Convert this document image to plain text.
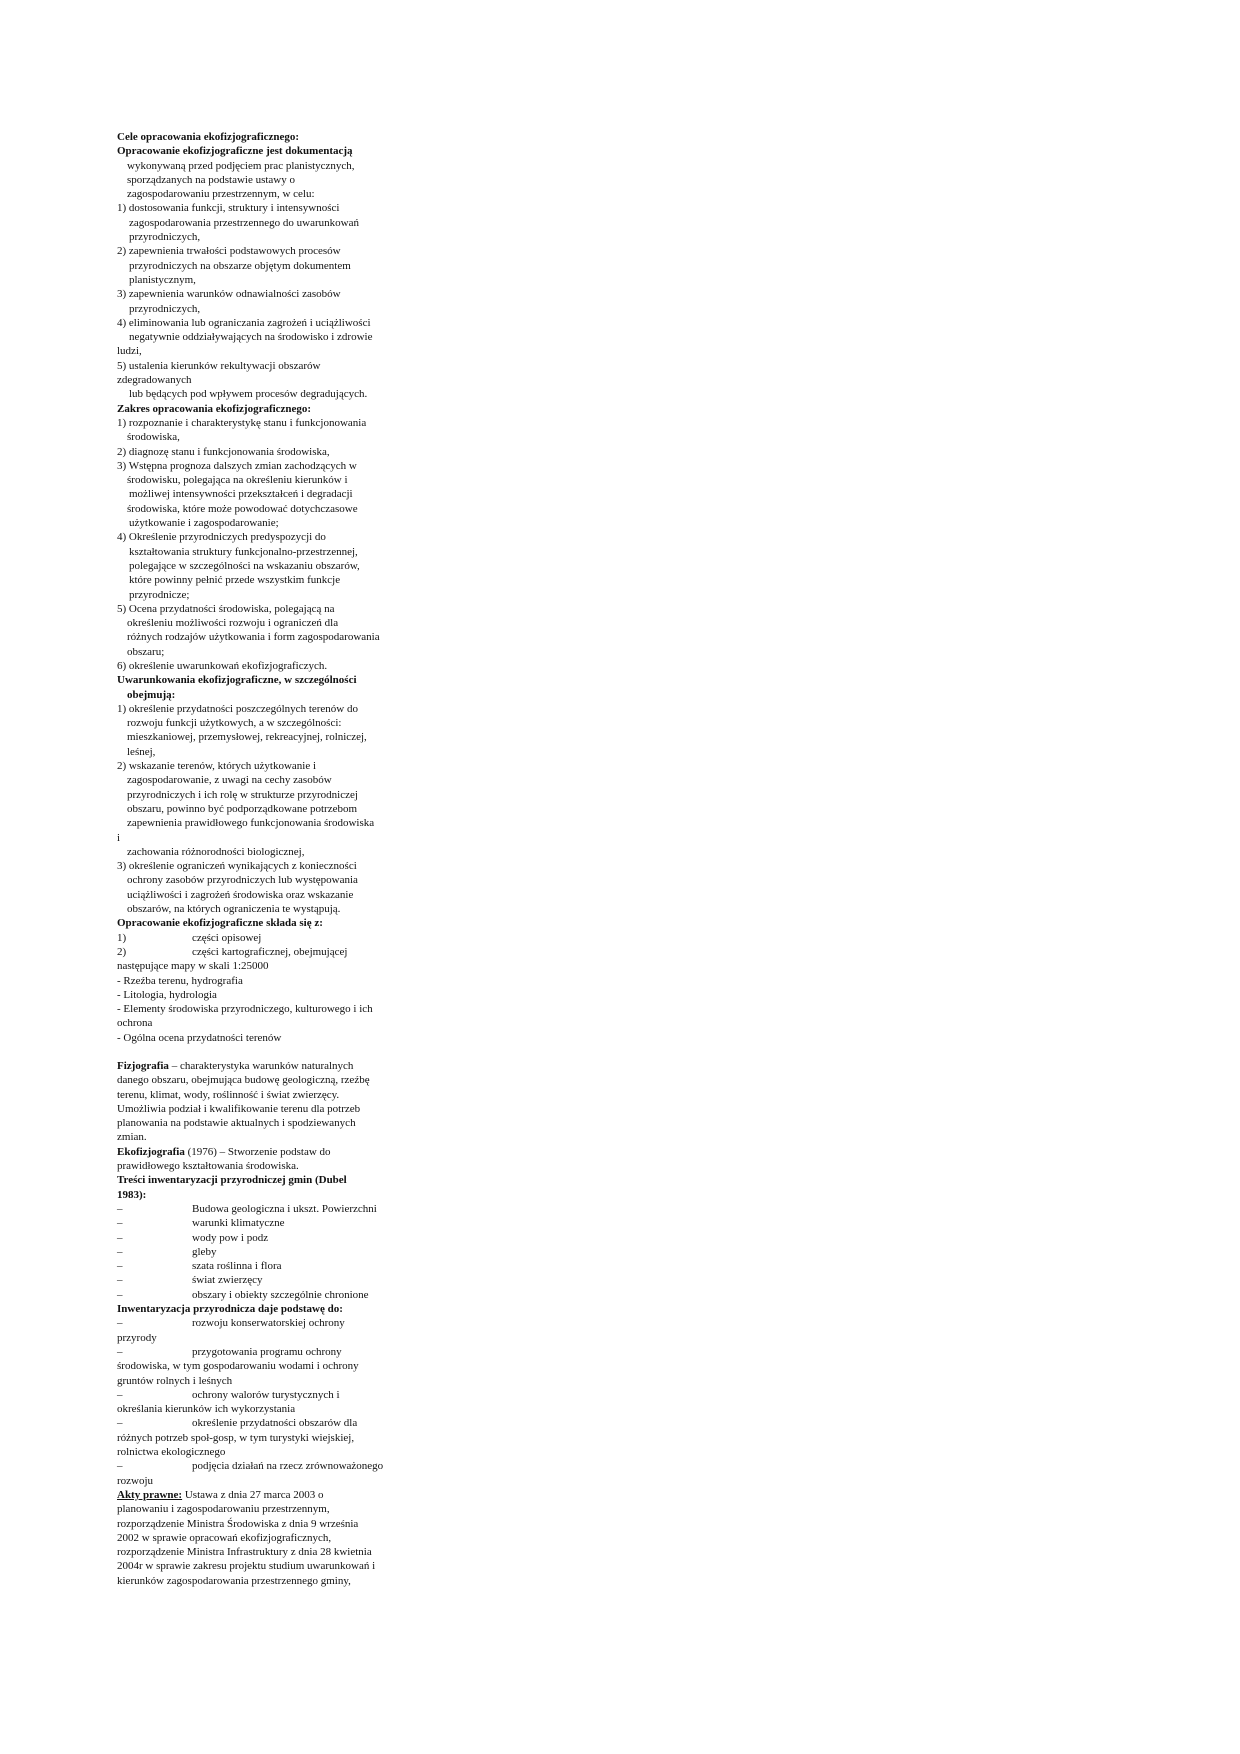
Cele opracowania ekofizjograficznego:
Opracowanie ekofizjograficzne jest dokumentacją
wykonywaną przed podjęciem prac planistycznych,
sporządzanych na podstawie ustawy o
zagospodarowaniu przestrzennym, w celu:
1) dostosowania funkcji, struktury i intensywności
zagospodarowania przestrzennego do uwarunkowań
przyrodniczych,
2) zapewnienia trwałości podstawowych procesów
przyrodniczych na obszarze objętym dokumentem
planistycznym,
3) zapewnienia warunków odnawialności zasobów
przyrodniczych,
4) eliminowania lub ograniczania zagrożeń i uciążliwości
negatywnie oddziaływających na środowisko i zdrowie
ludzi,
5) ustalenia kierunków rekultywacji obszarów
zdegradowanych
lub będących pod wpływem procesów degradujących.
Zakres opracowania ekofizjograficznego:
1) rozpoznanie i charakterystykę stanu i funkcjonowania
środowiska,
2) diagnozę stanu i funkcjonowania środowiska,
3) Wstępna prognoza dalszych zmian zachodzących w
środowisku, polegająca na określeniu kierunków i
możliwej intensywności przekształceń i degradacji
środowiska, które może powodować dotychczasowe
użytkowanie i zagospodarowanie;
4) Określenie przyrodniczych predyspozycji do
kształtowania struktury funkcjonalno-przestrzennej,
polegające w szczególności na wskazaniu obszarów,
które powinny pełnić przede wszystkim funkcje
przyrodnicze;
5) Ocena przydatności środowiska, polegającą na
określeniu możliwości rozwoju i ograniczeń dla
różnych rodzajów użytkowania i form zagospodarowania
obszaru;
6) określenie uwarunkowań ekofizjograficzych.
Uwarunkowania ekofizjograficzne, w szczególności
obejmują:
1) określenie przydatności poszczególnych terenów do
rozwoju funkcji użytkowych, a w szczególności:
mieszkaniowej, przemysłowej, rekreacyjnej, rolniczej,
leśnej,
2) wskazanie terenów, których użytkowanie i
zagospodarowanie, z uwagi na cechy zasobów
przyrodniczych i ich rolę w strukturze przyrodniczej
obszaru, powinno być podporządkowane potrzebom
zapewnienia prawidłowego funkcjonowania środowiska
i
zachowania różnorodności biologicznej,
3) określenie ograniczeń wynikających z konieczności
ochrony zasobów przyrodniczych lub występowania
uciążliwości i zagrożeń środowiska oraz wskazanie
obszarów, na których ograniczenia te wystąpują.
Opracowanie ekofizjograficzne składa się z:
1)	części opisowej
2)	części kartograficznej, obejmującej
następujące mapy w skali 1:25000
- Rzeźba terenu, hydrografia
- Litologia, hydrologia
- Elementy środowiska przyrodniczego, kulturowego i ich
ochrona
- Ogólna ocena przydatności terenów
Fizjografia – charakterystyka warunków naturalnych
danego obszaru, obejmująca budowę geologiczną, rzeźbę
terenu, klimat, wody, roślinność i świat zwierzęcy.
Umożliwia podział i kwalifikowanie terenu dla potrzeb
planowania na podstawie aktualnych i spodziewanych
zmian.
Ekofizjografia (1976) – Stworzenie podstaw do
prawidłowego kształtowania środowiska.
Treści inwentaryzacji przyrodniczej gmin (Dubel
1983):
–	Budowa geologiczna i ukszt. Powierzchni
–	warunki klimatyczne
–	wody pow i podz
–	gleby
–	szata roślinna i flora
–	świat zwierzęcy
–	obszary i obiekty szczególnie chronione
Inwentaryzacja przyrodnicza daje podstawę do:
–	rozwoju konserwatorskiej ochrony
przyrody
–	przygotowania programu ochrony
środowiska, w tym gospodarowaniu wodami i ochrony
gruntów rolnych i leśnych
–	ochrony walorów turystycznych i
określania kierunków ich wykorzystania
–	określenie przydatności obszarów dla
różnych potrzeb społ-gosp, w tym turystyki wiejskiej,
rolnictwa ekologicznego
–	podjęcia działań na rzecz zrównoważonego
rozwoju
Akty prawne: Ustawa z dnia 27 marca 2003 o
planowaniu i zagospodarowaniu przestrzennym,
rozporządzenie Ministra Środowiska z dnia 9 września
2002 w sprawie opracowań ekofizjograficznych,
rozporządzenie Ministra Infrastruktury z dnia 28 kwietnia
2004r w sprawie zakresu projektu studium uwarunkowań i
kierunków zagospodarowania przestrzennego gminy,
